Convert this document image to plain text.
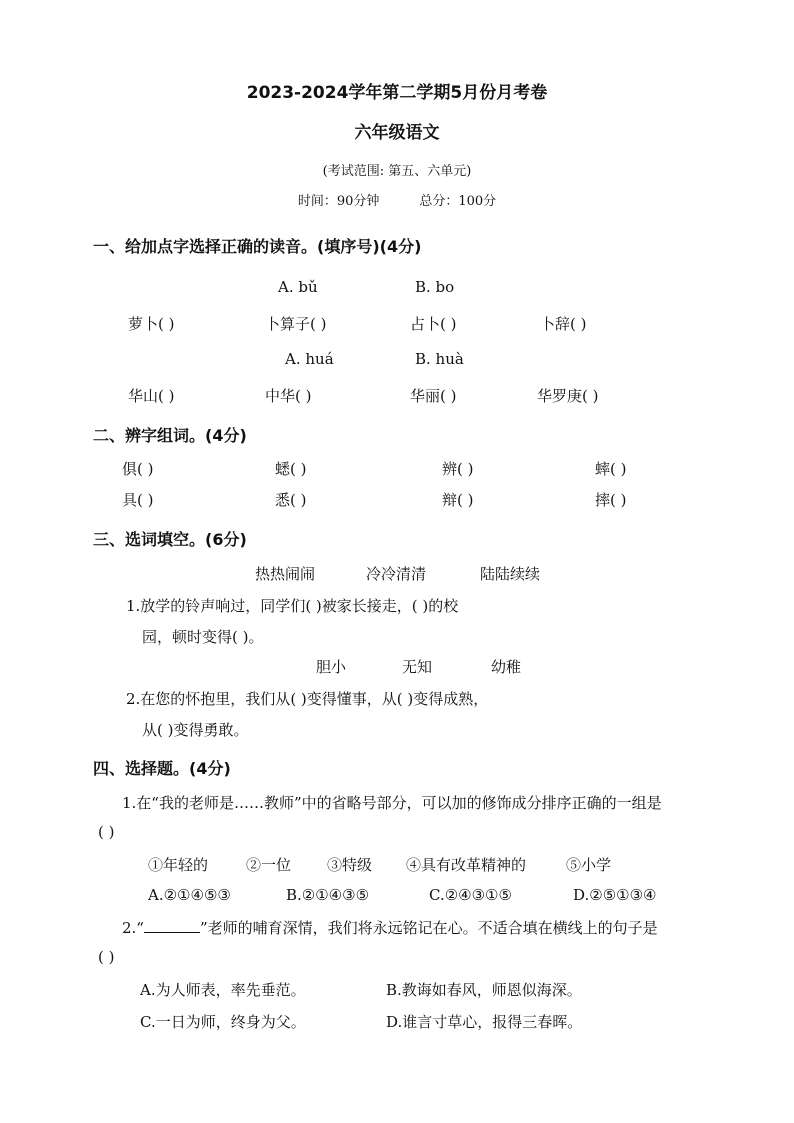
2023-2024学年第二学期5月份月考卷
六年级语文
(考试范围: 第五、六单元)
时间：90分钟	总分：100分
一、给加点字选择正确的读音。(填序号)(4分)
A. bǔ	B. bo
萝卜( )	卜算子( )	占卜( )	卜辞( )
A. huá	B. huà
华山( )	中华( )	华丽( )	华罗庚( )
二、辨字组词。(4分)
俱( )	蟋( )	辨( )	蟀( )
具( )	悉( )	辩( )	摔( )
三、选词填空。(6分)
热热闹闹	冷冷清清	陆陆续续
1.放学的铃声响过，同学们( )被家长接走，( )的校
园，顿时变得( )。
胆小	无知	幼稚
2.在您的怀抱里，我们从( )变得懂事，从( )变得成熟，
从( )变得勇敢。
四、选择题。(4分)
1.在“我的老师是……教师”中的省略号部分，可以加的修饰成分排序正确的一组是
( )
①年轻的	②一位 ③特级 ④具有改革精神的	⑤小学
A.②①④⑤③	B.②①④③⑤	C.②④③①⑤	D.②⑤①③④
2.“	”老师的哺育深情，我们将永远铭记在心。不适合填在横线上的句子是
( )
A.为人师表，率先垂范。	B.教诲如春风，师恩似海深。
C.一日为师，终身为父。	D.谁言寸草心，报得三春晖。
